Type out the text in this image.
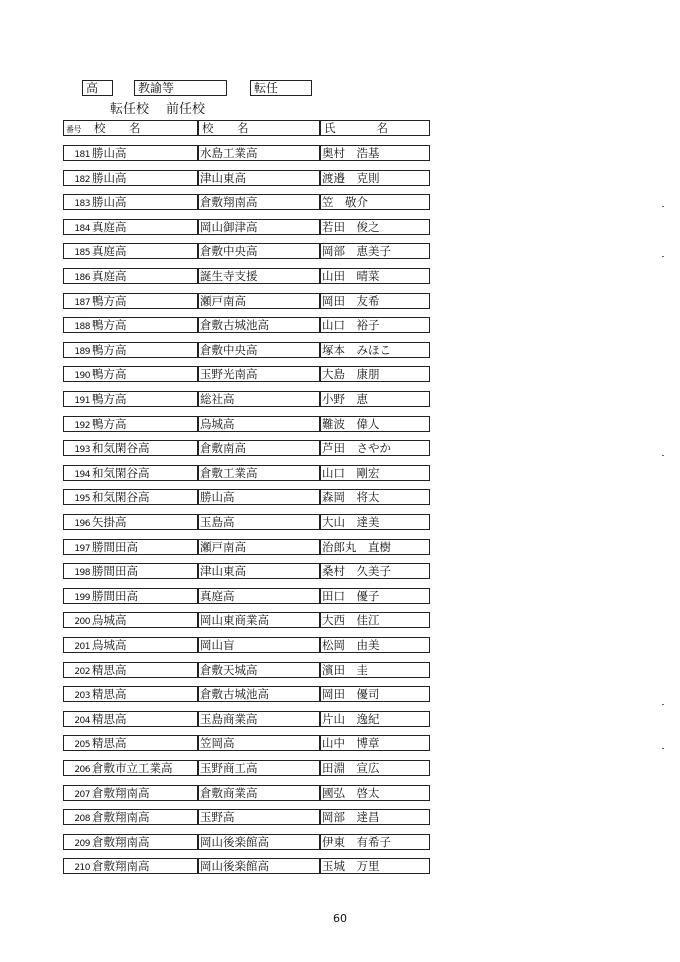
高	教諭等	転任
転任校 前任校
番号 校　名	校　名	氏　　名
181 勝山高	水島工業高	奥村　浩基
182 勝山高	津山東高	渡邉　克則
183 勝山高	倉敷翔南高	笠　敬介
184 真庭高	岡山御津高	若田　俊之
185 真庭高	倉敷中央高	岡部　恵美子
186 真庭高	誕生寺支援	山田　晴菜
187 鴨方高	瀬戸南高	岡田　友希
188 鴨方高	倉敷古城池高	山口　裕子
189 鴨方高	倉敷中央高	塚本　みほこ
190 鴨方高	玉野光南高	大島　康朋
191 鴨方高	総社高	小野　恵
192 鴨方高	烏城高	難波　偉人
193 和気閑谷高	倉敷南高	芦田　さやか
194 和気閑谷高	倉敷工業高	山口　剛宏
195 和気閑谷高	勝山高	森岡　将太
196 矢掛高	玉島高	大山　達美
197 勝間田高	瀬戸南高	治郎丸　直樹
198 勝間田高	津山東高	桑村　久美子
199 勝間田高	真庭高	田口　優子
200 烏城高	岡山東商業高	大西　佳江
201 烏城高	岡山盲	松岡　由美
202 精思高	倉敷天城高	濱田　圭
203 精思高	倉敷古城池高	岡田　優司
204 精思高	玉島商業高	片山　逸紀
205 精思高	笠岡高	山中　博章
206 倉敷市立工業高	玉野商工高	田淵　宣広
207 倉敷翔南高	倉敷商業高	國弘　啓太
208 倉敷翔南高	玉野高	岡部　達昌
209 倉敷翔南高	岡山後楽館高	伊東　有希子
210 倉敷翔南高	岡山後楽館高	玉城　万里
60
